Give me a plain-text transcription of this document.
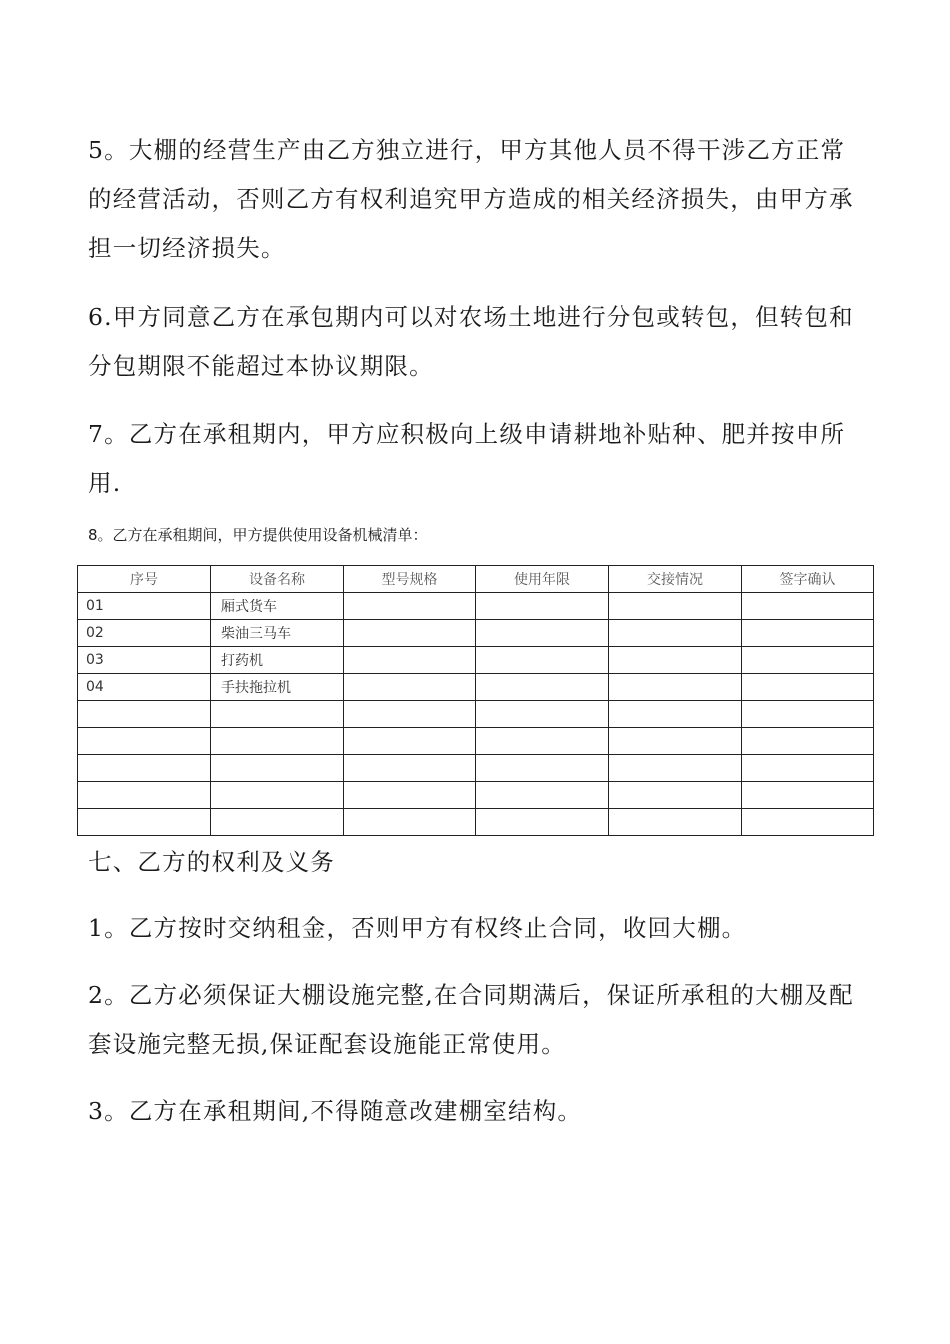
5。大棚的经营生产由乙方独立进行，甲方其他人员不得干涉乙方正常的经营活动，否则乙方有权利追究甲方造成的相关经济损失，由甲方承担一切经济损失。

6.甲方同意乙方在承包期内可以对农场土地进行分包或转包，但转包和分包期限不能超过本协议期限。

7。乙方在承租期内，甲方应积极向上级申请耕地补贴种、肥并按申所用.

8。乙方在承租期间，甲方提供使用设备机械清单：

序号	设备名称	型号规格	使用年限	交接情况	签字确认
01	厢式货车				
02	柴油三马车				
03	打药机				
04	手扶拖拉机				

七、乙方的权利及义务

1。乙方按时交纳租金，否则甲方有权终止合同，收回大棚。

2。乙方必须保证大棚设施完整,在合同期满后，保证所承租的大棚及配套设施完整无损,保证配套设施能正常使用。

3。乙方在承租期间,不得随意改建棚室结构。
